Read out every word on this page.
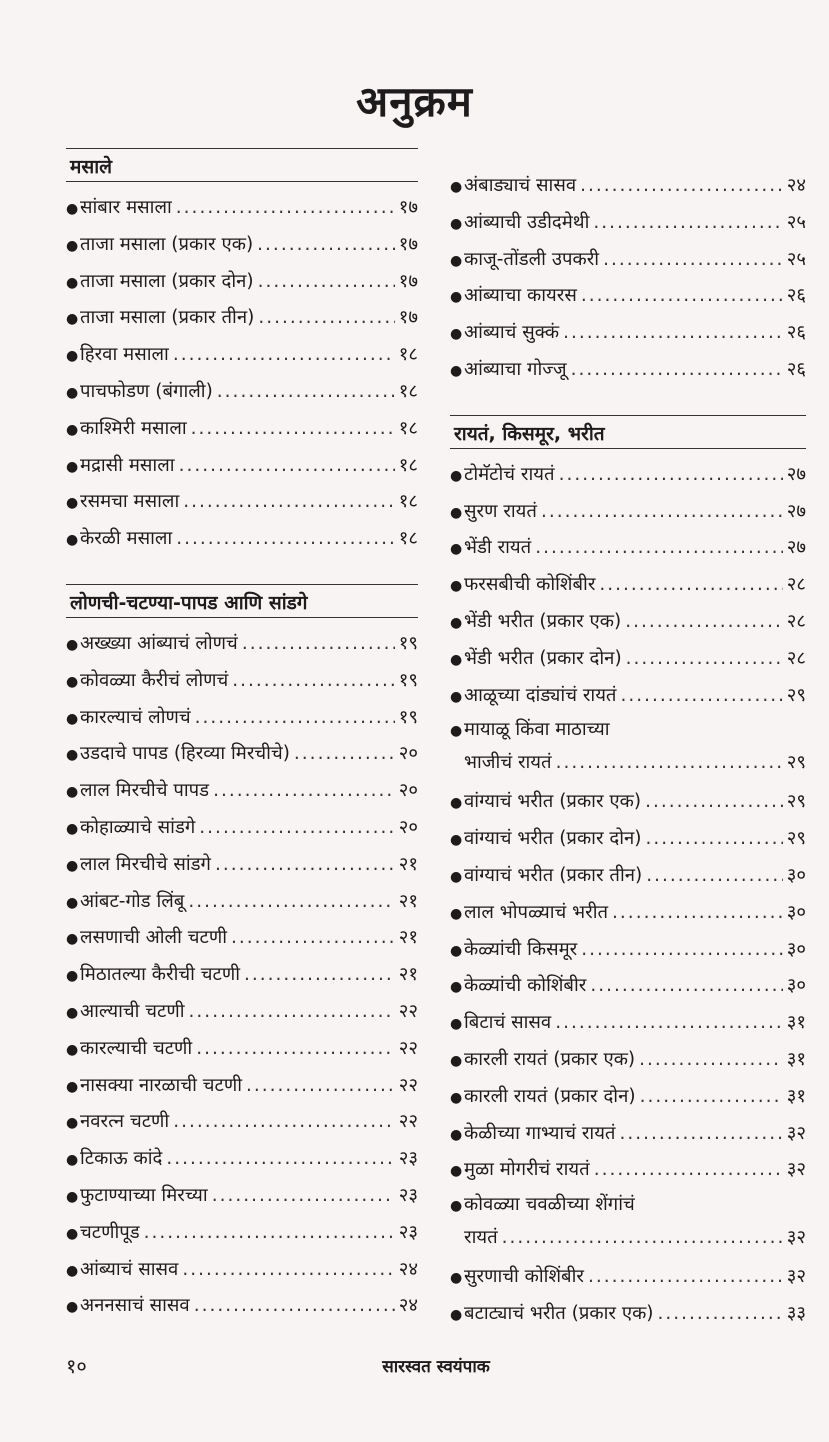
अनुक्रम
मसाले
● सांबार मसाला .....	१७
● ताजा मसाला (प्रकार एक) .....	१७
● ताजा मसाला (प्रकार दोन) .....	१७
● ताजा मसाला (प्रकार तीन) .....	१७
● हिरवा मसाला .....	१८
● पाचफोडण (बंगाली) .....	१८
● काश्मिरी मसाला .....	१८
● मद्रासी मसाला .....	१८
● रसमचा मसाला .....	१८
● केरळी मसाला .....	१८
लोणची-चटण्या-पापड आणि सांडगे
● अख्ख्या आंब्याचं लोणचं .....	१९
● कोवळ्या कैरीचं लोणचं .....	१९
● कारल्याचं लोणचं .....	१९
● उडदाचे पापड (हिरव्या मिरचीचे) .....	२०
● लाल मिरचीचे पापड .....	२०
● कोहाळ्याचे सांडगे .....	२०
● लाल मिरचीचे सांडगे .....	२१
● आंबट-गोड लिंबू .....	२१
● लसणाची ओली चटणी .....	२१
● मिठातल्या कैरीची चटणी .....	२१
● आल्याची चटणी .....	२२
● कारल्याची चटणी .....	२२
● नासक्या नारळाची चटणी .....	२२
● नवरत्न चटणी .....	२२
● टिकाऊ कांदे .....	२३
● फुटाण्याच्या मिरच्या .....	२३
● चटणीपूड .....	२३
● आंब्याचं सासव .....	२४
● अननसाचं सासव .....	२४
● अंबाड्याचं सासव .....	२४
● आंब्याची उडीदमेथी .....	२५
● काजू-तोंडली उपकरी .....	२५
● आंब्याचा कायरस .....	२६
● आंब्याचं सुक्कं .....	२६
● आंब्याचा गोज्जू .....	२६
रायतं, किसमूर, भरीत
● टोमॅटोचं रायतं .....	२७
● सुरण रायतं .....	२७
● भेंडी रायतं .....	२७
● फरसबीची कोशिंबीर .....	२८
● भेंडी भरीत (प्रकार एक) .....	२८
● भेंडी भरीत (प्रकार दोन) .....	२८
● आळूच्या दांड्यांचं रायतं .....	२९
● मायाळू किंवा माठाच्या
भाजीचं रायतं .....	२९
● वांग्याचं भरीत (प्रकार एक) .....	२९
● वांग्याचं भरीत (प्रकार दोन) .....	२९
● वांग्याचं भरीत (प्रकार तीन) .....	३०
● लाल भोपळ्याचं भरीत .....	३०
● केळ्यांची किसमूर .....	३०
● केळ्यांची कोशिंबीर .....	३०
● बिटाचं सासव .....	३१
● कारली रायतं (प्रकार एक) .....	३१
● कारली रायतं (प्रकार दोन) .....	३१
● केळीच्या गाभ्याचं रायतं .....	३२
● मुळा मोगरीचं रायतं .....	३२
● कोवळ्या चवळीच्या शेंगांचं
रायतं .....	३२
● सुरणाची कोशिंबीर .....	३२
● बटाट्याचं भरीत (प्रकार एक) .....	३३
१०	सारस्वत स्वयंपाक
